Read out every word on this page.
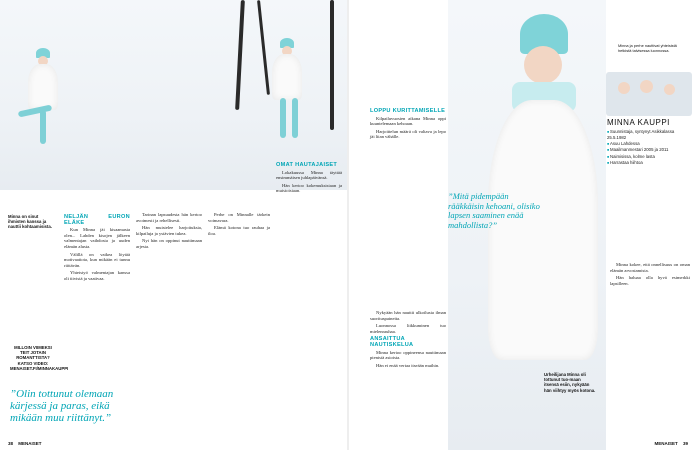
Minna on sinut ihmisten kanssa ja nauttii kohtaamisista.
MILLOIN VIIMEKSI TEIT JOTAIN ROMANTTISTA? KATSO VIDEO: MENAISET.FI/MINNAKAUPPI
”Olin tottunut olemaan kärjessä ja paras, eikä mikään muu riittänyt.”
NELJÄN EURON ELÄKE

Kun Minna jäi kisaamasta olen... Lahden kisojen jälkeen valmentajan vaihdosta ja uuden elämän alusta.

Välillä on vaikea löytää motivaatiota, kun mikään ei tunnu riittävän.

Yhteistyö valmentajan kanssa oli tiivistä ja vaativaa.

Tarinan lapsuudesta hän kertoo avoimesti ja rehellisesti.

Hän muistelee harjoituksia, kilpailuja ja ystävien tukea.

Nyt hän on oppinut nauttimaan arjesta.

Perhe on Minnalle tärkein voimavara.

Elämä kotona tuo rauhaa ja iloa.

OMAT HAUTAJAISET

Lokakuussa Minna täyttää ensimmäisen juhlapäivänsä.

Hän kertoo kokemuksistaan ja muistoistaan.

38 MENAISET
LOPPU KURITTAMISELLE

Kilpailuvuosien aikana Minna oppi kuuntelemaan kehoaan.

Harjoittelun määrä oli valtava ja lepo jäi liian vähälle.

Nykyään hän nauttii ulkoilusta ilman suorituspaineita.

Luonnossa liikkuminen tuo mielenrauhaa.

ANSAITTUA NAUTISKELUA

Minna kertoo oppineensa nauttimaan pienistä asioista.

Hän ei enää vertaa itseään muihin.

”Mitä pidempään rääkkäisin kehoani, olisiko lapsen saaminen enää mahdollista?”
Urheilijana Minna oli tottunut tuo-maan itsensä esiin, nykyään hän viihtyy myös kotona.

Minna kokee, että onnellisuus on oman elämän arvostamista.

Hän haluaa olla hyvä esimerkki lapsilleen.

MENAISET 39
Minna ja perhe nauttivat yhteisistä hetkistä talvisessa luonnossa.
MINNA KAUPPI
■ Suunnistaja, syntynyt Asikkalassa 25.5.1982
■ Asuu Lahdessa
■ Maailmanmestari 2005 ja 2011
■ Naimisissa, kolme lasta
■ Harrastaa hiihtoa
